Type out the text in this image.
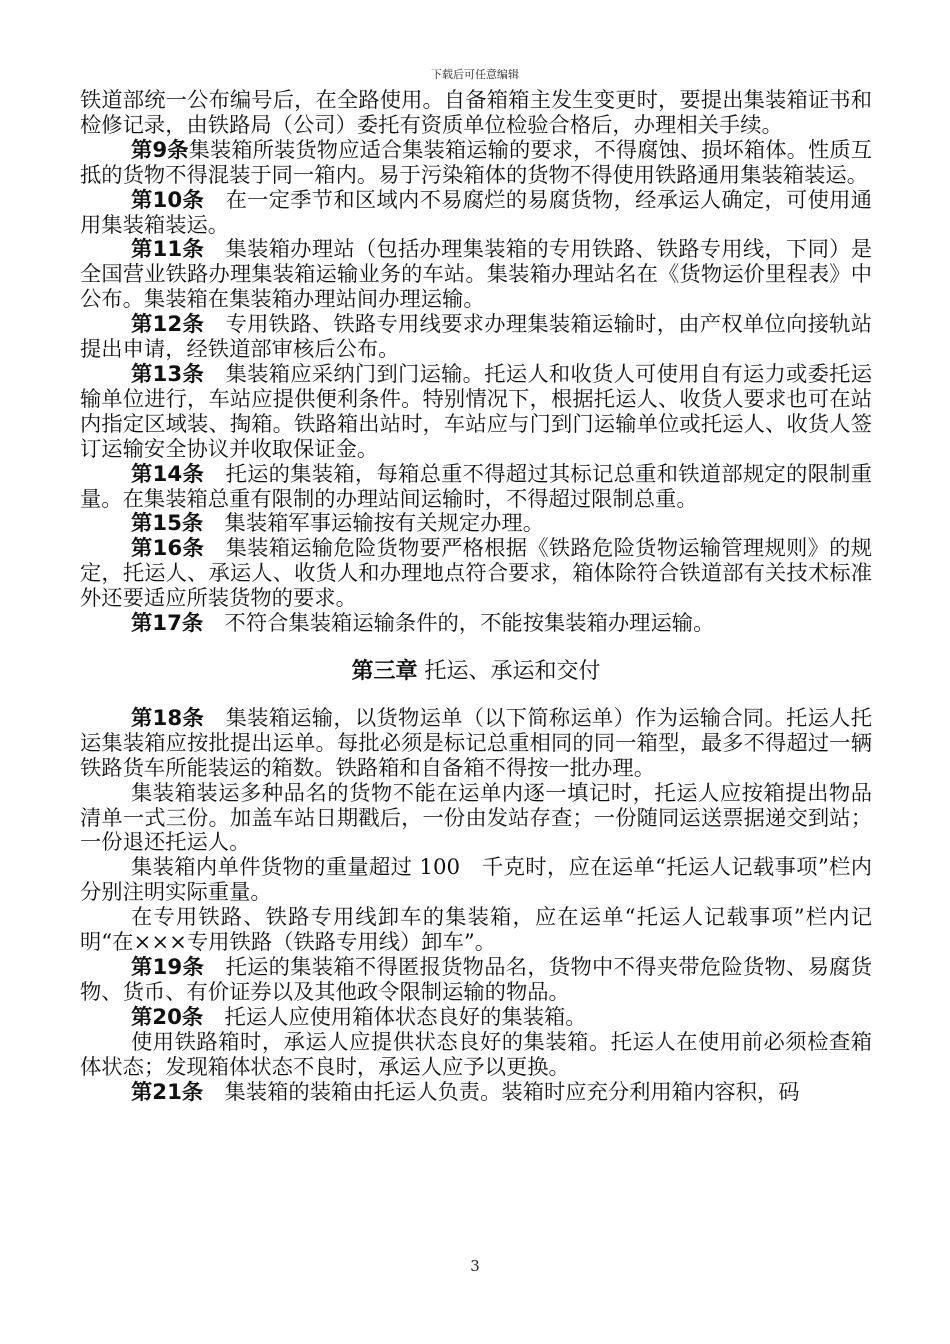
下载后可任意编辑

铁道部统一公布编号后，在全路使用。自备箱箱主发生变更时，要提出集装箱证书和检修记录，由铁路局（公司）委托有资质单位检验合格后，办理相关手续。

第9条集装箱所装货物应适合集装箱运输的要求，不得腐蚀、损坏箱体。性质互抵的货物不得混装于同一箱内。易于污染箱体的货物不得使用铁路通用集装箱装运。

第10条　在一定季节和区域内不易腐烂的易腐货物，经承运人确定，可使用通用集装箱装运。

第11条　集装箱办理站（包括办理集装箱的专用铁路、铁路专用线，下同）是全国营业铁路办理集装箱运输业务的车站。集装箱办理站名在《货物运价里程表》中公布。集装箱在集装箱办理站间办理运输。

第12条　专用铁路、铁路专用线要求办理集装箱运输时，由产权单位向接轨站提出申请，经铁道部审核后公布。

第13条　集装箱应采纳门到门运输。托运人和收货人可使用自有运力或委托运输单位进行，车站应提供便利条件。特别情况下，根据托运人、收货人要求也可在站内指定区域装、掏箱。铁路箱出站时，车站应与门到门运输单位或托运人、收货人签订运输安全协议并收取保证金。

第14条　托运的集装箱，每箱总重不得超过其标记总重和铁道部规定的限制重量。在集装箱总重有限制的办理站间运输时，不得超过限制总重。

第15条　集装箱军事运输按有关规定办理。

第16条　集装箱运输危险货物要严格根据《铁路危险货物运输管理规则》的规定，托运人、承运人、收货人和办理地点符合要求，箱体除符合铁道部有关技术标准外还要适应所装货物的要求。

第17条　不符合集装箱运输条件的，不能按集装箱办理运输。

第三章 托运、承运和交付

第18条　集装箱运输，以货物运单（以下简称运单）作为运输合同。托运人托运集装箱应按批提出运单。每批必须是标记总重相同的同一箱型，最多不得超过一辆铁路货车所能装运的箱数。铁路箱和自备箱不得按一批办理。

集装箱装运多种品名的货物不能在运单内逐一填记时，托运人应按箱提出物品清单一式三份。加盖车站日期戳后，一份由发站存查；一份随同运送票据递交到站；一份退还托运人。

集装箱内单件货物的重量超过 100　千克时，应在运单“托运人记载事项”栏内分别注明实际重量。

在专用铁路、铁路专用线卸车的集装箱，应在运单“托运人记载事项”栏内记明“在×××专用铁路（铁路专用线）卸车”。

第19条　托运的集装箱不得匿报货物品名，货物中不得夹带危险货物、易腐货物、货币、有价证券以及其他政令限制运输的物品。

第20条　托运人应使用箱体状态良好的集装箱。

使用铁路箱时，承运人应提供状态良好的集装箱。托运人在使用前必须检查箱体状态；发现箱体状态不良时，承运人应予以更换。

第21条　集装箱的装箱由托运人负责。装箱时应充分利用箱内容积，码

3
